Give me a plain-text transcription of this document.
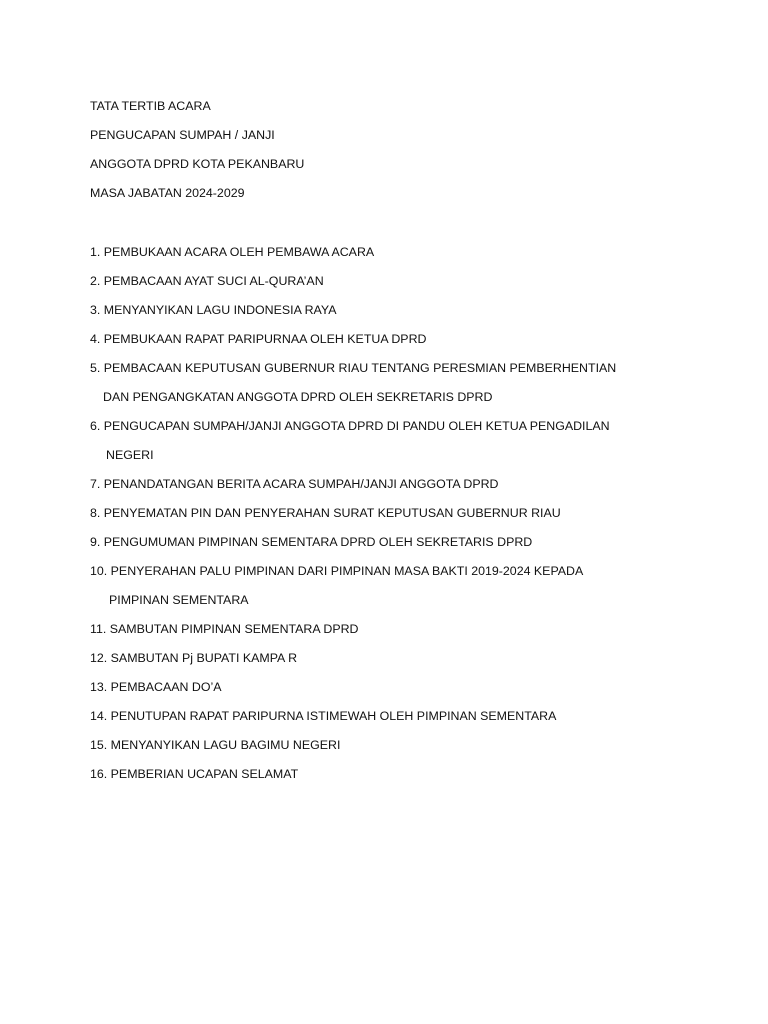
TATA TERTIB ACARA
PENGUCAPAN SUMPAH / JANJI
ANGGOTA DPRD KOTA PEKANBARU
MASA JABATAN 2024-2029
1. PEMBUKAAN ACARA OLEH PEMBAWA ACARA
2. PEMBACAAN AYAT SUCI AL-QURA’AN
3. MENYANYIKAN LAGU INDONESIA RAYA
4. PEMBUKAAN RAPAT PARIPURNAA OLEH KETUA DPRD
5. PEMBACAAN KEPUTUSAN GUBERNUR RIAU TENTANG PERESMIAN PEMBERHENTIAN
DAN PENGANGKATAN ANGGOTA DPRD OLEH SEKRETARIS DPRD
6. PENGUCAPAN SUMPAH/JANJI ANGGOTA DPRD DI PANDU OLEH KETUA PENGADILAN
NEGERI
7. PENANDATANGAN BERITA ACARA SUMPAH/JANJI ANGGOTA DPRD
8. PENYEMATAN PIN DAN PENYERAHAN SURAT KEPUTUSAN GUBERNUR RIAU
9. PENGUMUMAN PIMPINAN SEMENTARA DPRD OLEH SEKRETARIS DPRD
10. PENYERAHAN PALU PIMPINAN DARI PIMPINAN MASA BAKTI 2019-2024 KEPADA
PIMPINAN SEMENTARA
11. SAMBUTAN PIMPINAN SEMENTARA DPRD
12. SAMBUTAN Pj BUPATI KAMPA R
13. PEMBACAAN DO’A
14. PENUTUPAN RAPAT PARIPURNA ISTIMEWAH OLEH PIMPINAN SEMENTARA
15. MENYANYIKAN LAGU BAGIMU NEGERI
16. PEMBERIAN UCAPAN SELAMAT
